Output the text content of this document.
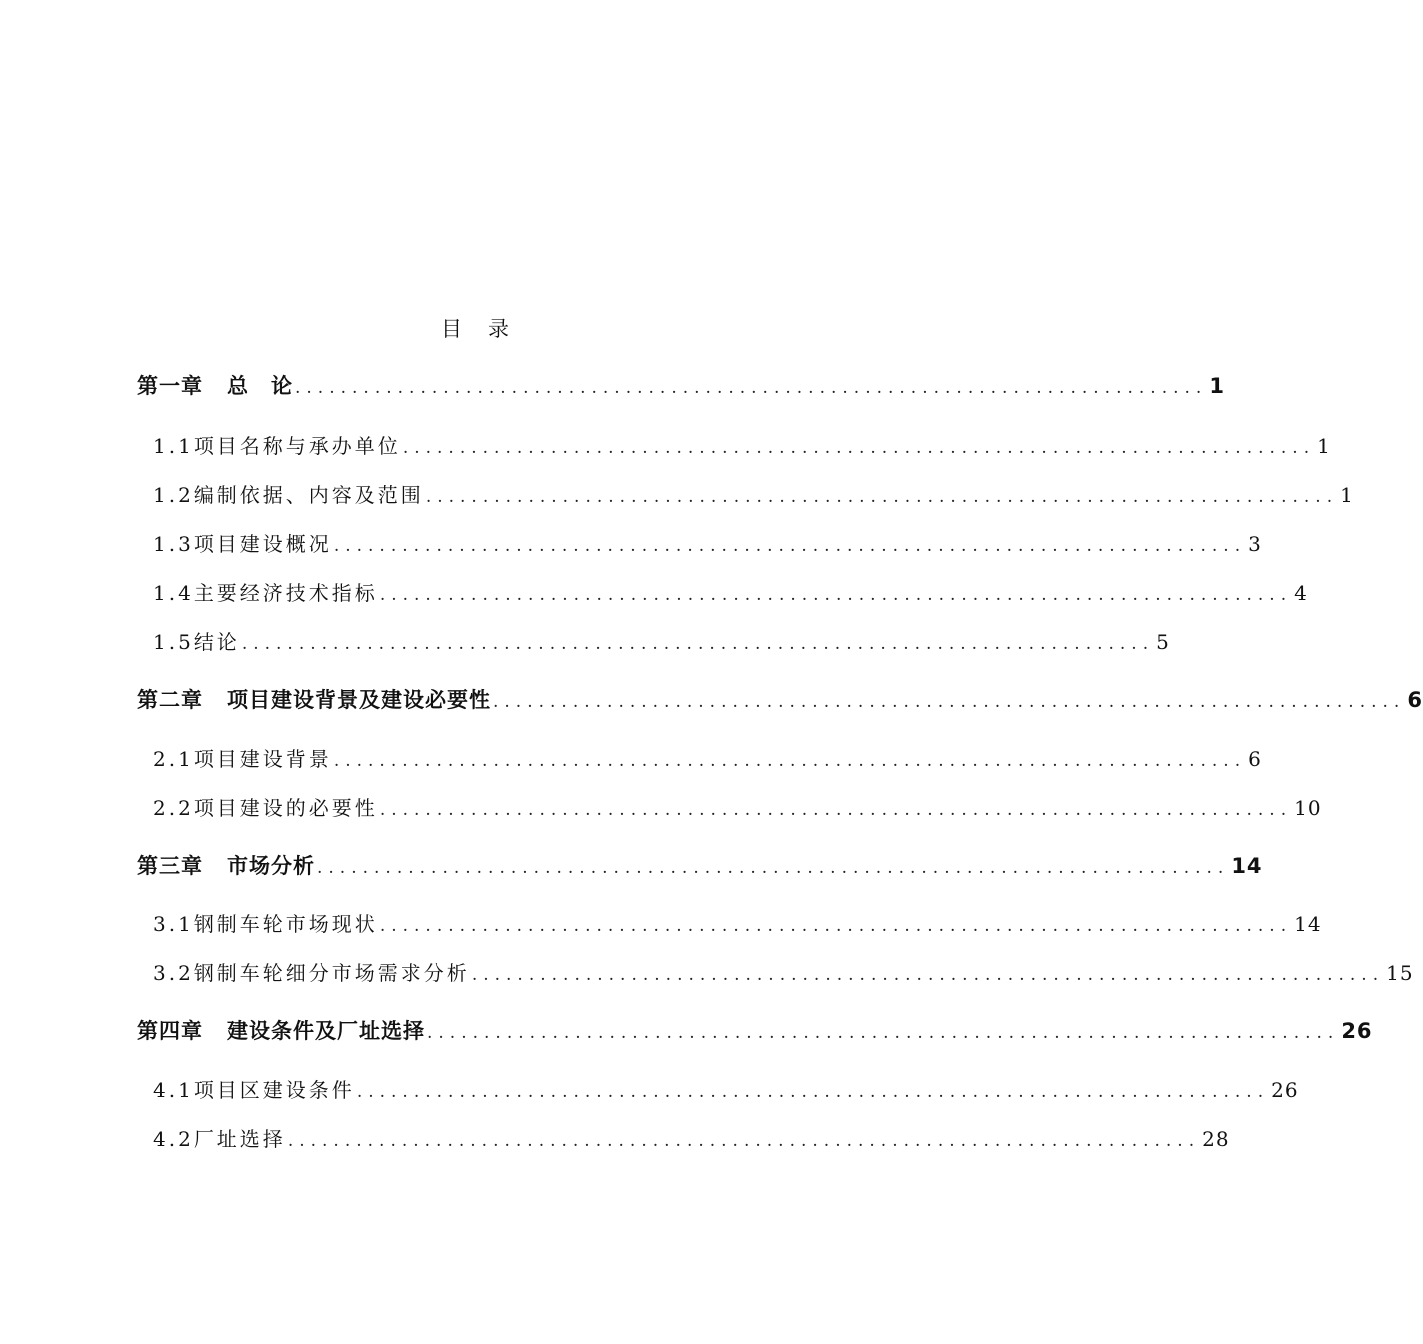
目录
第一章 总　论 ................................................................................ 1
1.1 项目名称与承办单位 ................................................................................ 1
1.2 编制依据、内容及范围 ................................................................................ 1
1.3 项目建设概况 ................................................................................ 3
1.4 主要经济技术指标 ................................................................................ 4
1.5 结论 ................................................................................ 5
第二章 项目建设背景及建设必要性 ................................................................................ 6
2.1 项目建设背景 ................................................................................ 6
2.2 项目建设的必要性 ................................................................................ 10
第三章 市场分析 ................................................................................ 14
3.1 钢制车轮市场现状 ................................................................................ 14
3.2 钢制车轮细分市场需求分析 ................................................................................ 15
第四章 建设条件及厂址选择 ................................................................................ 26
4.1 项目区建设条件 ................................................................................ 26
4.2 厂址选择 ................................................................................ 28
